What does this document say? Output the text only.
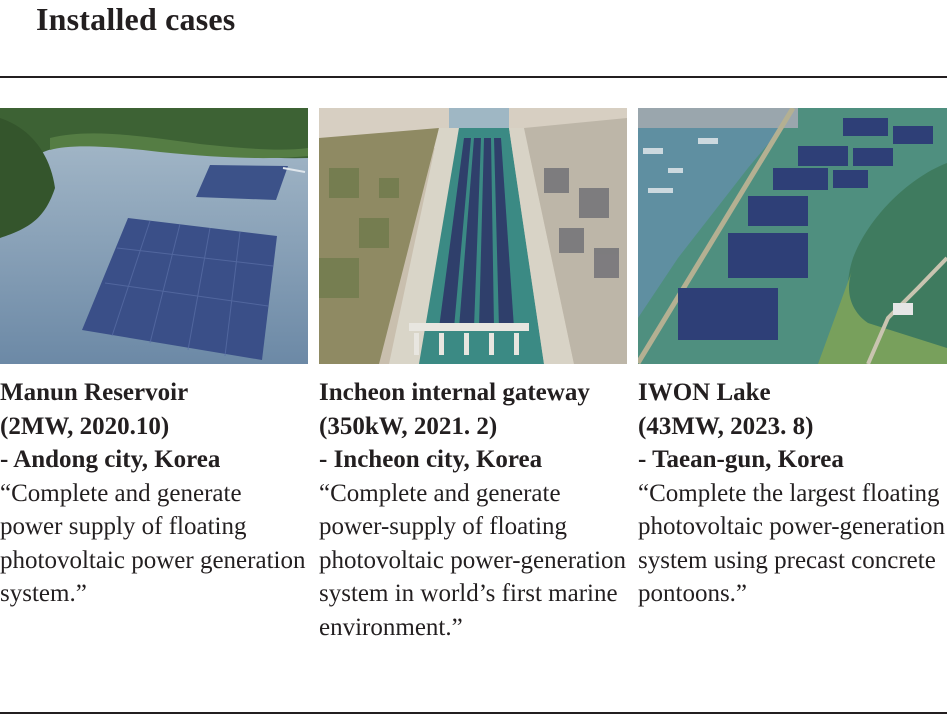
Installed cases
Manun Reservoir
(2MW, 2020.10)
- Andong city, Korea
“Complete and generate power supply of floating photovoltaic power generation system.”
Incheon internal gateway
(350kW, 2021. 2)
- Incheon city, Korea
“Complete and generate power-supply of floating photovoltaic power-generation system in world’s first marine environment.”
IWON Lake
(43MW, 2023. 8)
- Taean-gun, Korea
“Complete the largest floating photovoltaic power-generation system using precast concrete pontoons.”
